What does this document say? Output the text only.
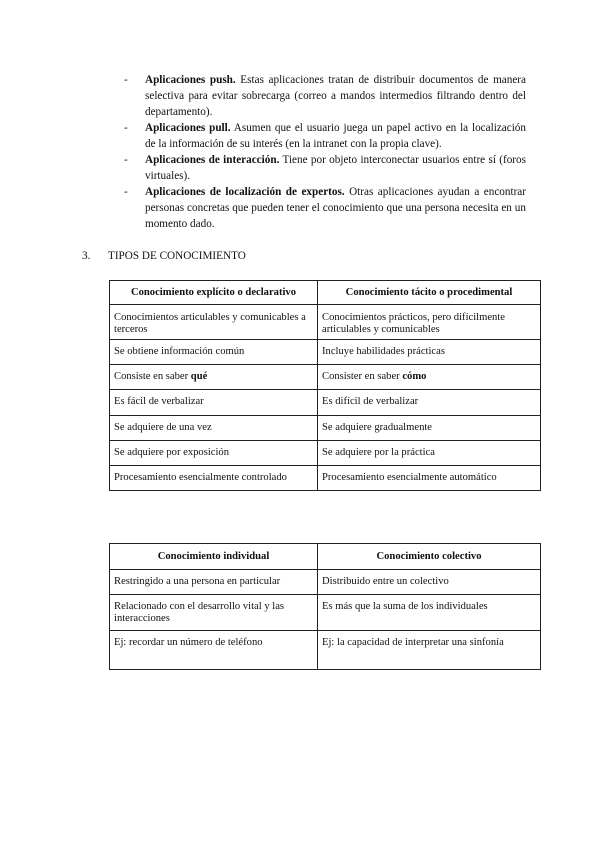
- Aplicaciones push. Estas aplicaciones tratan de distribuir documentos de manera selectiva para evitar sobrecarga (correo a mandos intermedios filtrando dentro del departamento).

- Aplicaciones pull. Asumen que el usuario juega un papel activo en la localización de la información de su interés (en la intranet con la propia clave).

- Aplicaciones de interacción. Tiene por objeto interconectar usuarios entre sí (foros virtuales).

- Aplicaciones de localización de expertos. Otras aplicaciones ayudan a encontrar personas concretas que pueden tener el conocimiento que una persona necesita en un momento dado.

3. TIPOS DE CONOCIMIENTO
Conocimiento explícito o declarativo	Conocimiento tácito o procedimental
Conocimientos articulables y comunicables a terceros	Conocimientos prácticos, pero difícilmente articulables y comunicables
Se obtiene información común	Incluye habilidades prácticas
Consiste en saber qué	Consister en saber cómo
Es fácil de verbalizar	Es difícil de verbalizar
Se adquiere de una vez	Se adquiere gradualmente
Se adquiere por exposición	Se adquiere por la práctica
Procesamiento esencialmente controlado	Procesamiento esencialmente automático
Conocimiento individual	Conocimiento colectivo
Restringido a una persona en particular	Distribuido entre un colectivo
Relacionado con el desarrollo vital y las interacciones	Es más que la suma de los individuales
Ej: recordar un número de teléfono	Ej: la capacidad de interpretar una sinfonía
